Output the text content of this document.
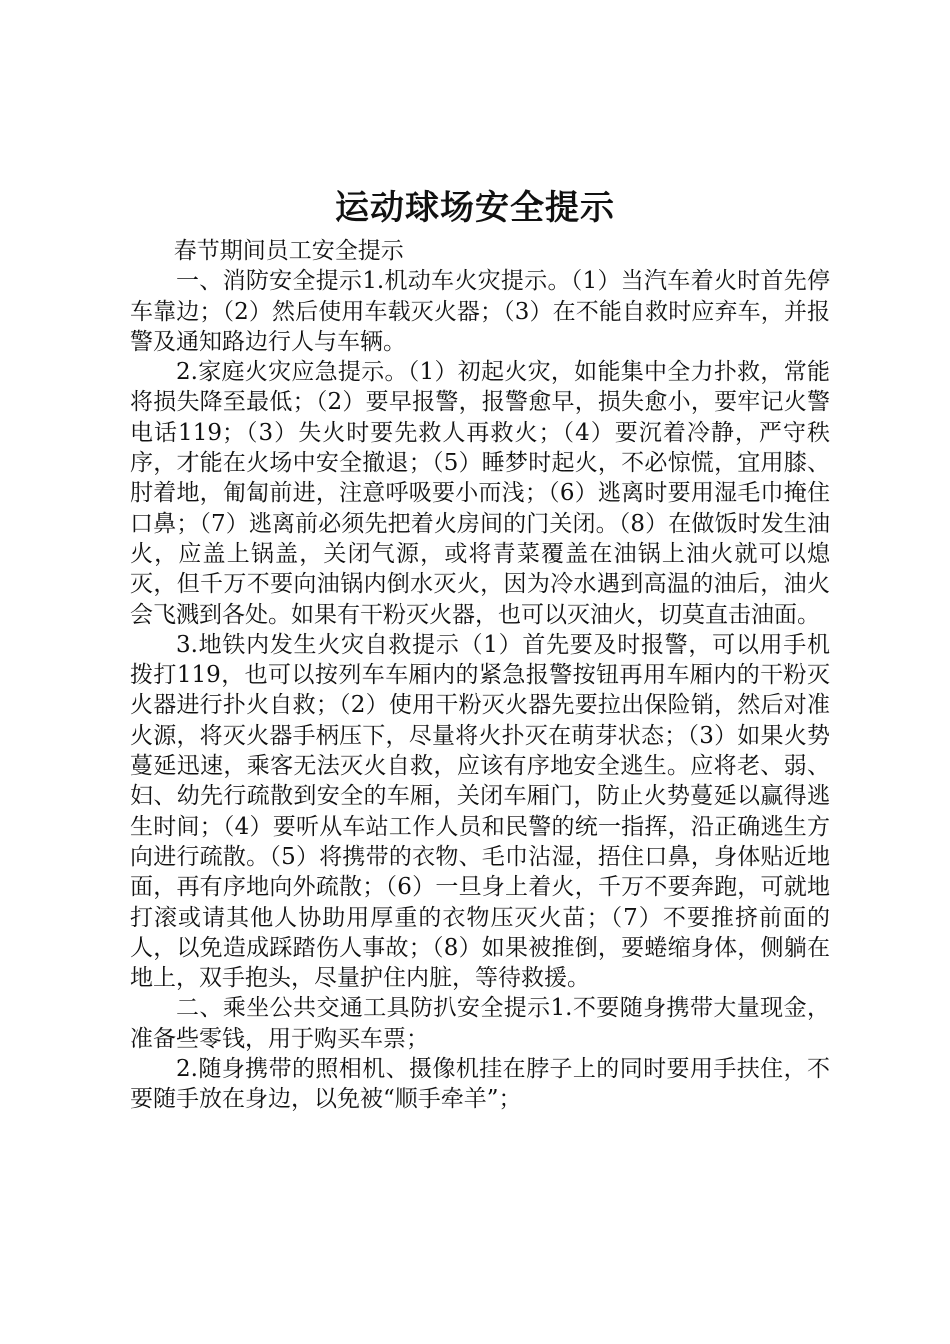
运动球场安全提示

春节期间员工安全提示

一、消防安全提示1.机动车火灾提示。（1）当汽车着火时首先停车靠边；（2）然后使用车载灭火器；（3）在不能自救时应弃车，并报警及通知路边行人与车辆。

2.家庭火灾应急提示。（1）初起火灾，如能集中全力扑救，常能将损失降至最低；（2）要早报警，报警愈早，损失愈小，要牢记火警电话119；（3）失火时要先救人再救火；（4）要沉着冷静，严守秩序，才能在火场中安全撤退；（5）睡梦时起火，不必惊慌，宜用膝、肘着地，匍匐前进，注意呼吸要小而浅；（6）逃离时要用湿毛巾掩住口鼻；（7）逃离前必须先把着火房间的门关闭。（8）在做饭时发生油火，应盖上锅盖，关闭气源，或将青菜覆盖在油锅上油火就可以熄灭，但千万不要向油锅内倒水灭火，因为冷水遇到高温的油后，油火会飞溅到各处。如果有干粉灭火器，也可以灭油火，切莫直击油面。

3.地铁内发生火灾自救提示（1）首先要及时报警，可以用手机拨打119，也可以按列车车厢内的紧急报警按钮再用车厢内的干粉灭火器进行扑火自救；（2）使用干粉灭火器先要拉出保险销，然后对准火源，将灭火器手柄压下，尽量将火扑灭在萌芽状态；（3）如果火势蔓延迅速，乘客无法灭火自救，应该有序地安全逃生。应将老、弱、妇、幼先行疏散到安全的车厢，关闭车厢门，防止火势蔓延以赢得逃生时间；（4）要听从车站工作人员和民警的统一指挥，沿正确逃生方向进行疏散。（5）将携带的衣物、毛巾沾湿，捂住口鼻，身体贴近地面，再有序地向外疏散；（6）一旦身上着火，千万不要奔跑，可就地打滚或请其他人协助用厚重的衣物压灭火苗；（7）不要推挤前面的人，以免造成踩踏伤人事故；（8）如果被推倒，要蜷缩身体，侧躺在地上，双手抱头，尽量护住内脏，等待救援。

二、乘坐公共交通工具防扒安全提示1.不要随身携带大量现金，准备些零钱，用于购买车票；

2.随身携带的照相机、摄像机挂在脖子上的同时要用手扶住，不要随手放在身边，以免被“顺手牵羊”；
